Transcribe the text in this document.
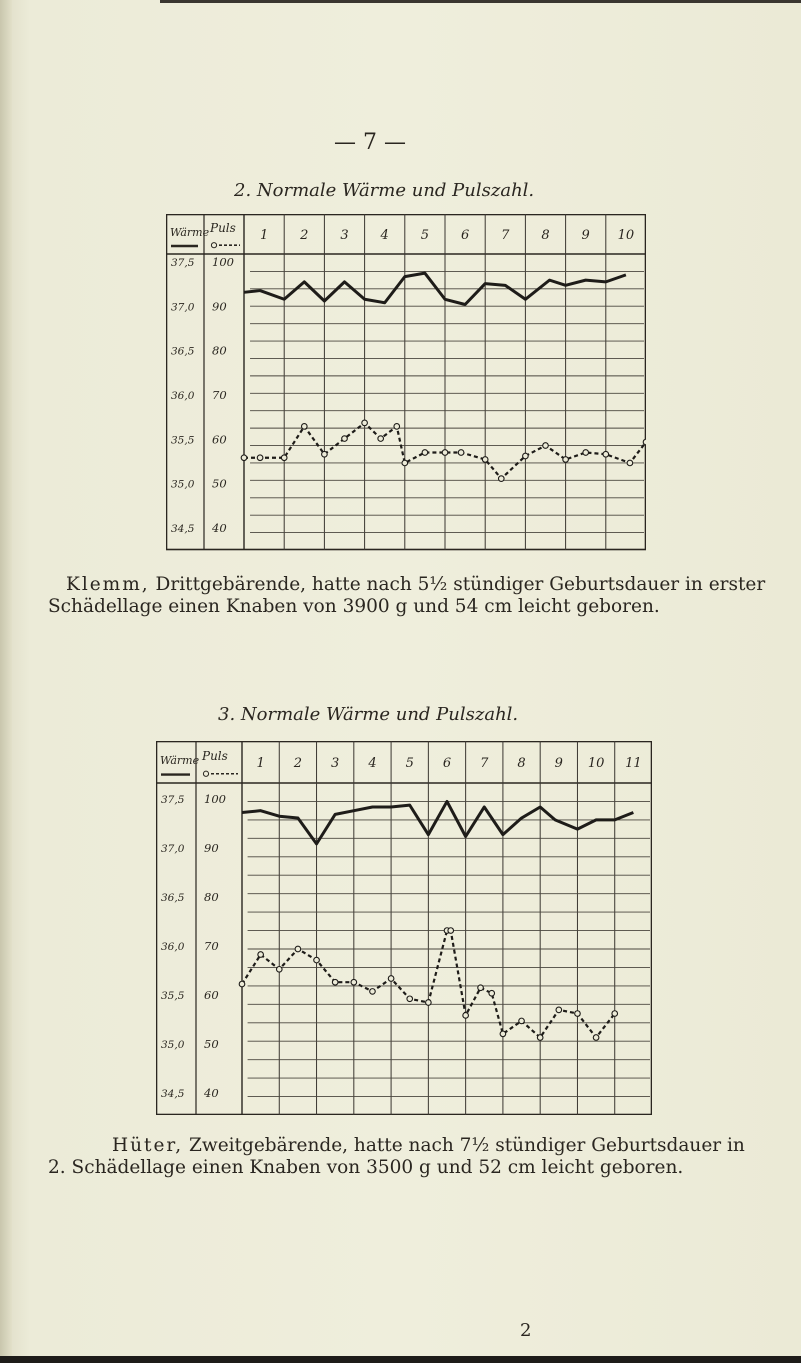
— 7 —
2. Normale Wärme und Pulszahl.
Wärme Puls 1 2 3 4 5 6 7 8 9 10
37,5
37,0
36,5
36,0
35,5
35,0
34,5
100
90
80
70
60
50
40
Klemm, Drittgebärende, hatte nach 5½ stündiger Geburtsdauer in erster Schädellage einen Knaben von 3900 g und 54 cm leicht geboren.
3. Normale Wärme und Pulszahl.
Wärme Puls
1 2 3 4 5 6 7 8 9 10 11
37,5
37,0
36,5
36,0
35,5
35,0
34,5
100
90
80
70
60
50
40
Hüter, Zweitgebärende, hatte nach 7½ stündiger Geburtsdauer in 2. Schädellage einen Knaben von 3500 g und 52 cm leicht geboren.
2
